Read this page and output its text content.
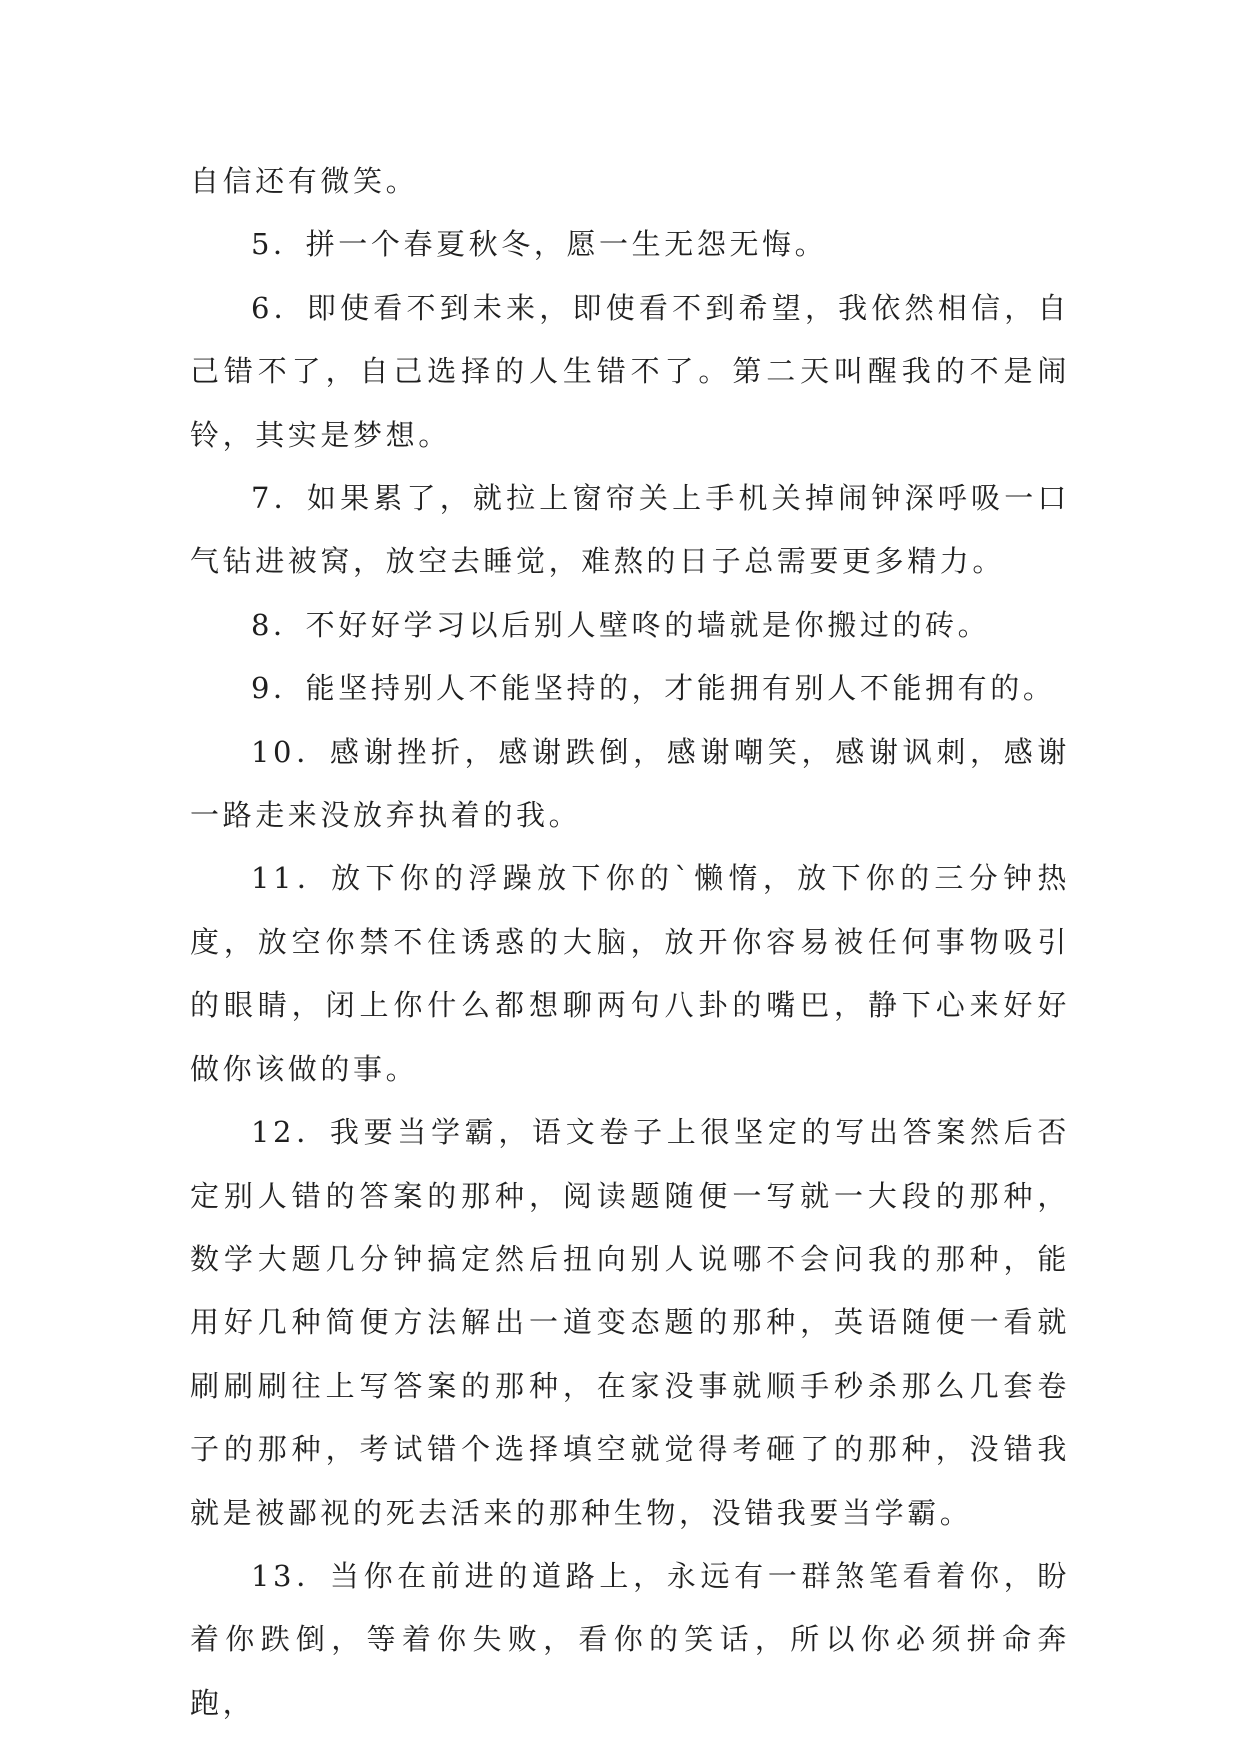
自信还有微笑。

5．拼一个春夏秋冬，愿一生无怨无悔。

6．即使看不到未来，即使看不到希望，我依然相信，自己错不了，自己选择的人生错不了。第二天叫醒我的不是闹铃，其实是梦想。

7．如果累了，就拉上窗帘关上手机关掉闹钟深呼吸一口气钻进被窝，放空去睡觉，难熬的日子总需要更多精力。

8．不好好学习以后别人壁咚的墙就是你搬过的砖。

9．能坚持别人不能坚持的，才能拥有别人不能拥有的。

10．感谢挫折，感谢跌倒，感谢嘲笑，感谢讽刺，感谢一路走来没放弃执着的我。

11．放下你的浮躁放下你的`懒惰，放下你的三分钟热度，放空你禁不住诱惑的大脑，放开你容易被任何事物吸引的眼睛，闭上你什么都想聊两句八卦的嘴巴，静下心来好好做你该做的事。

12．我要当学霸，语文卷子上很坚定的写出答案然后否定别人错的答案的那种，阅读题随便一写就一大段的那种，数学大题几分钟搞定然后扭向别人说哪不会问我的那种，能用好几种简便方法解出一道变态题的那种，英语随便一看就刷刷刷往上写答案的那种，在家没事就顺手秒杀那么几套卷子的那种，考试错个选择填空就觉得考砸了的那种，没错我就是被鄙视的死去活来的那种生物，没错我要当学霸。

13．当你在前进的道路上，永远有一群煞笔看着你，盼着你跌倒，等着你失败，看你的笑话，所以你必须拼命奔跑，
